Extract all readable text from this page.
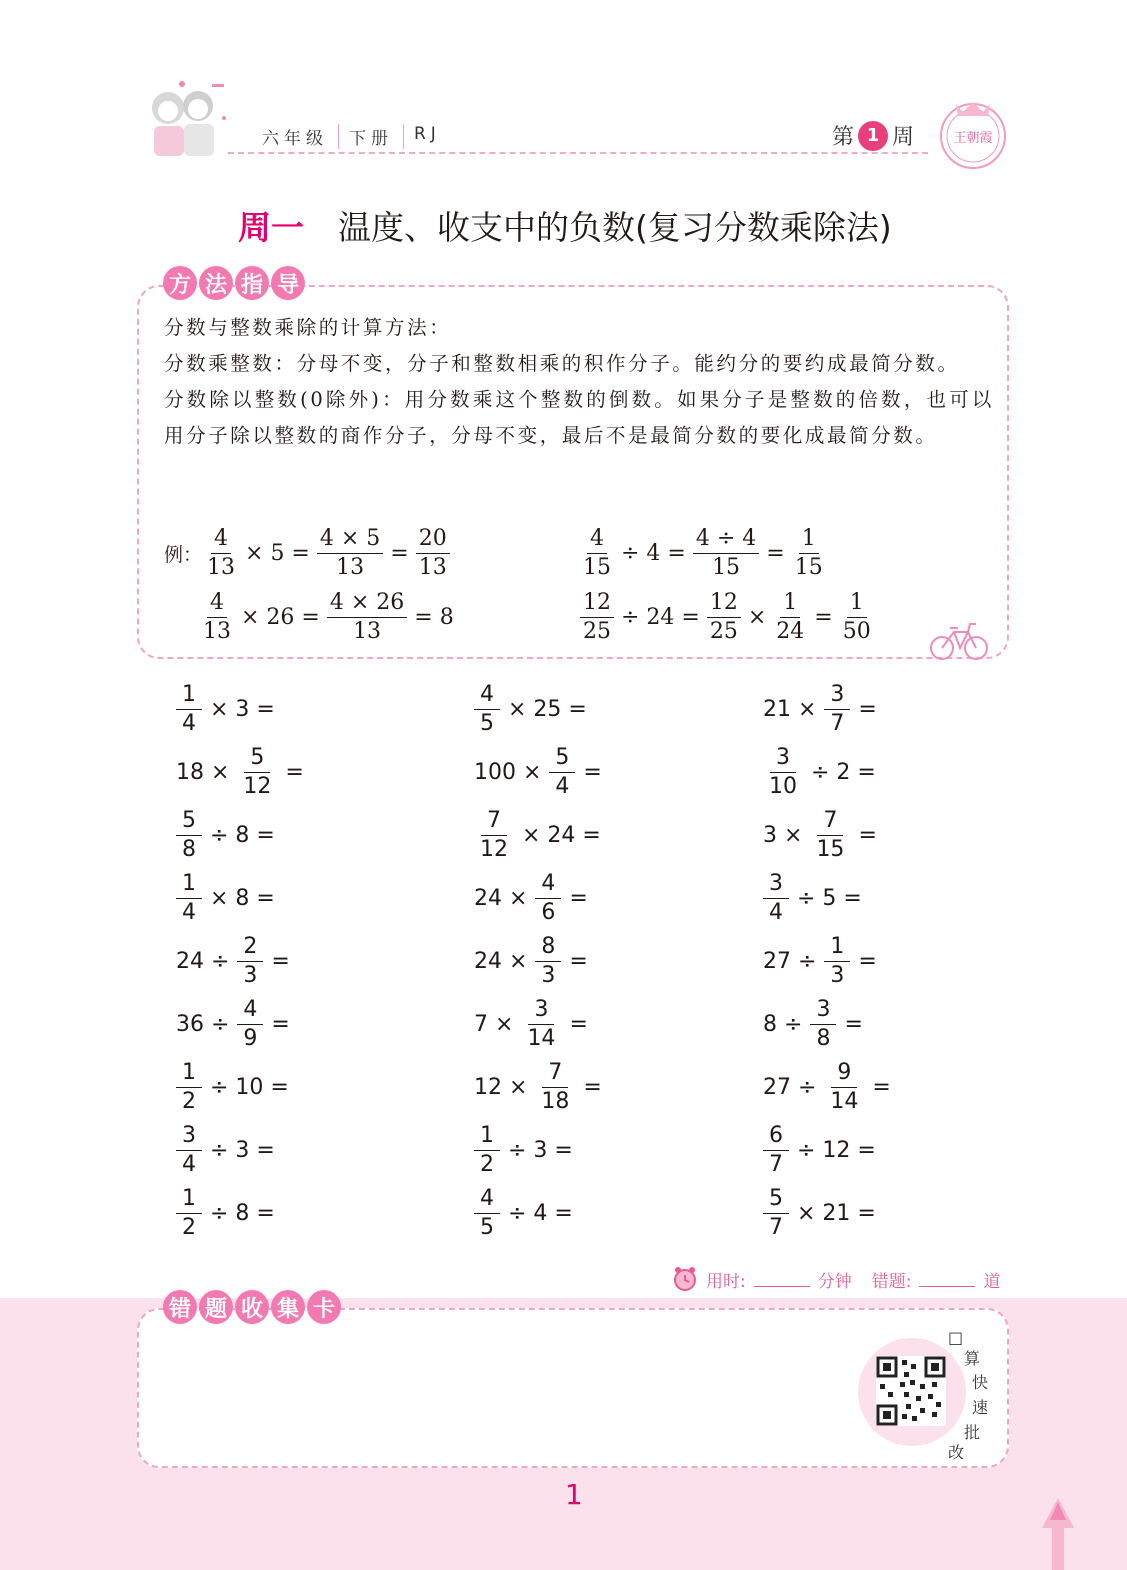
六年级 下册 RJ	第 1 周	王朝霞
周一 温度、收支中的负数(复习分数乘除法)
方 法 指 导

分数与整数乘除的计算方法：

分数乘整数：分母不变，分子和整数相乘的积作分子。能约分的要约成最简分数。

分数除以整数(0除外)：用分数乘这个整数的倒数。如果分子是整数的倍数，也可以用分子除以整数的商作分子，分母不变，最后不是最简分数的要化成最简分数。

例： $\frac{4}{13} \times 5 = \frac{4 \times 5}{13} = \frac{20}{13}$
$\frac{4}{13} \times 26 = \frac{4 \times 26}{13} = 8$
$\frac{4}{15} \div 4 = \frac{4 \div 4}{15} = \frac{1}{15}$
$\frac{12}{25} \div 24 = \frac{12}{25} \times \frac{1}{24} = \frac{1}{50}$
$\frac{1}{4} \times 3$ =
$18 \times \frac{5}{12}$ =
$\frac{5}{8} \div 8$ =
$\frac{1}{4} \times 8$ =
$24 \div \frac{2}{3}$ =
$36 \div \frac{4}{9}$ =
$\frac{1}{2} \div 10$ =
$\frac{3}{4} \div 3$ =
$\frac{1}{2} \div 8$ =
$\frac{4}{5} \times 25$ =
$100 \times \frac{5}{4}$ =
$\frac{7}{12} \times 24$ =
$24 \times \frac{4}{6}$ =
$24 \times \frac{8}{3}$ =
$7 \times \frac{3}{14}$ =
$12 \times \frac{7}{18}$ =
$\frac{1}{2} \div 3$ =
$\frac{4}{5} \div 4$ =
$21 \times \frac{3}{7}$ =
$\frac{3}{10} \div 2$ =
$3 \times \frac{7}{15}$ =
$\frac{3}{4} \div 5$ =
$27 \div \frac{1}{3}$ =
$8 \div \frac{3}{8}$ =
$27 \div \frac{9}{14}$ =
$\frac{6}{7} \div 12$ =
$\frac{5}{7} \times 21$ =
用时:	分钟 错题:	道
错 题 收 集 卡
□
算
快
速
批
改
1
